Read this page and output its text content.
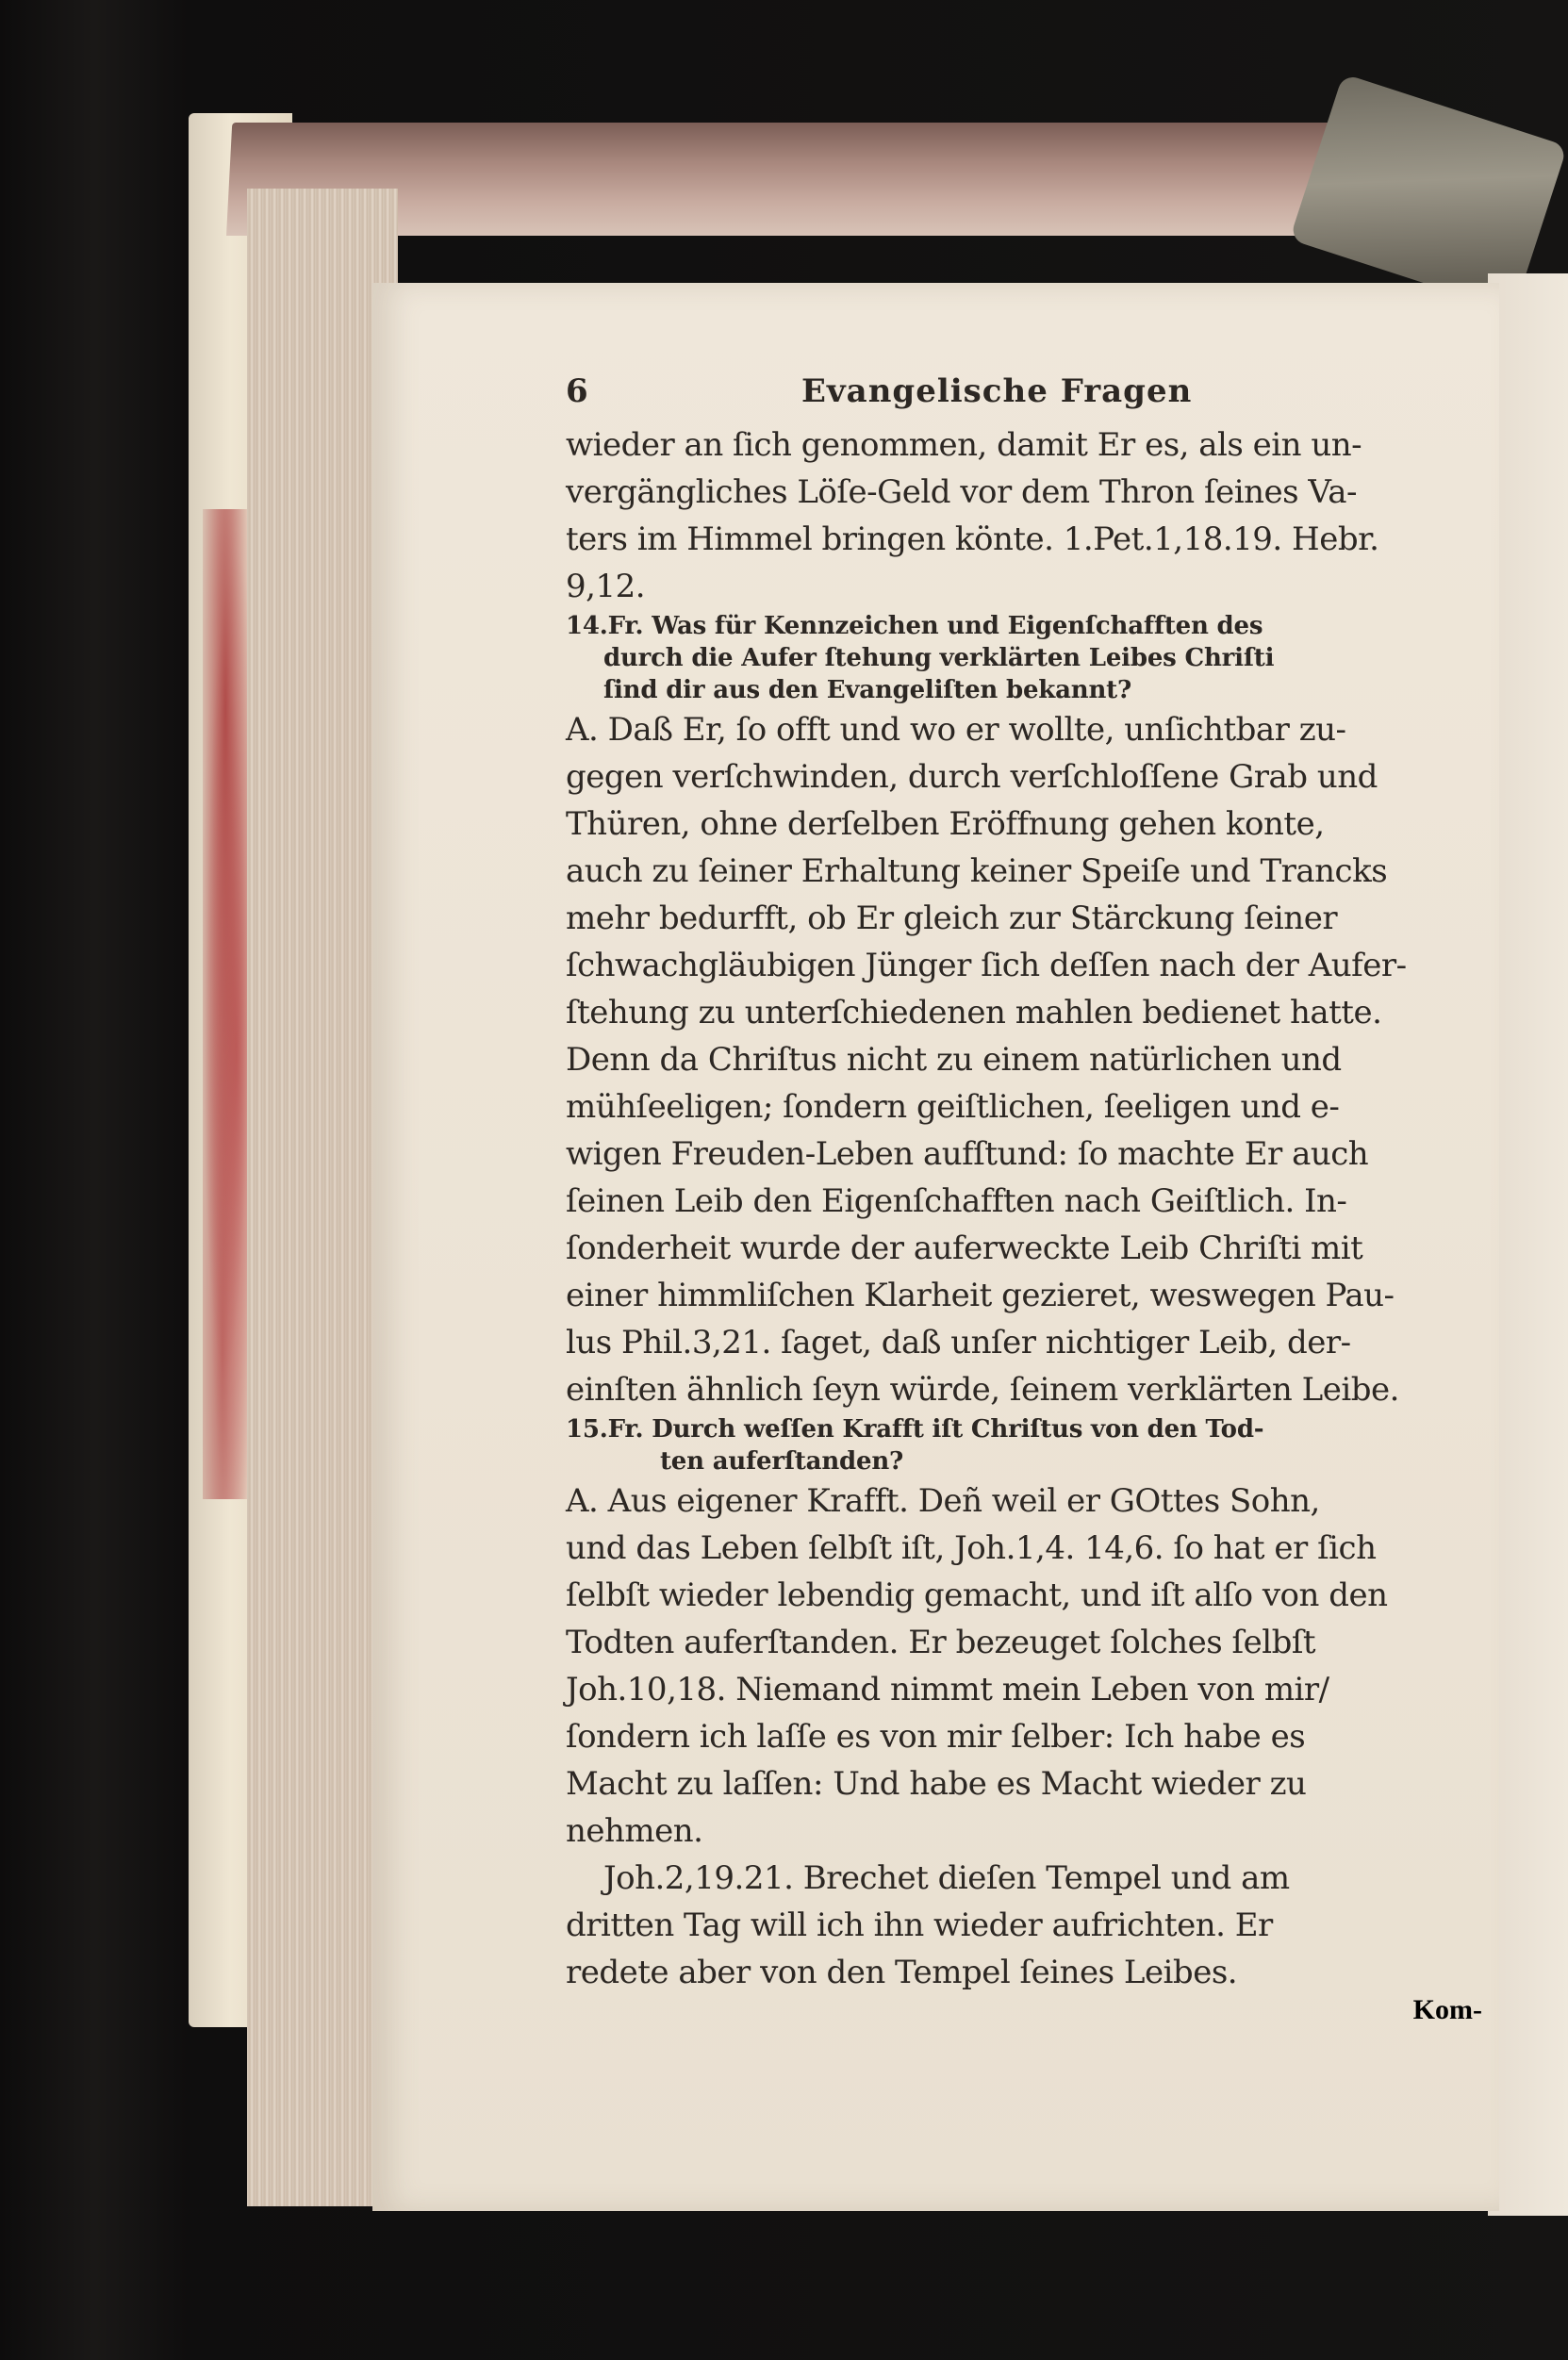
6	Evangelische Fragen
wieder an ſich genommen, damit Er es, als ein un-
vergängliches Löſe-Geld vor dem Thron ſeines Va-
ters im Himmel bringen könte. 1.Pet.1,18.19. Hebr.
9,12.
14.Fr. Was für Kennzeichen und Eigenſchafften des
durch die Aufer ſtehung verklärten Leibes Chriſti
ſind dir aus den Evangeliſten bekannt?
A. Daß Er, ſo offt und wo er wollte, unſichtbar zu-
gegen verſchwinden, durch verſchloſſene Grab und
Thüren, ohne derſelben Eröffnung gehen konte,
auch zu ſeiner Erhaltung keiner Speiſe und Trancks
mehr bedurfft, ob Er gleich zur Stärckung ſeiner
ſchwachgläubigen Jünger ſich deſſen nach der Aufer-
ſtehung zu unterſchiedenen mahlen bedienet hatte.
Denn da Chriſtus nicht zu einem natürlichen und
mühſeeligen; ſondern geiſtlichen, ſeeligen und e-
wigen Freuden-Leben aufſtund: ſo machte Er auch
ſeinen Leib den Eigenſchafften nach Geiſtlich. In-
ſonderheit wurde der auferweckte Leib Chriſti mit
einer himmliſchen Klarheit gezieret, weswegen Pau-
lus Phil.3,21. ſaget, daß unſer nichtiger Leib, der-
einſten ähnlich ſeyn würde, ſeinem verklärten Leibe.
15.Fr. Durch weſſen Krafft iſt Chriſtus von den Tod-
ten auferſtanden?
A. Aus eigener Krafft. Deñ weil er GOttes Sohn,
und das Leben ſelbſt iſt, Joh.1,4. 14,6. ſo hat er ſich
ſelbſt wieder lebendig gemacht, und iſt alſo von den
Todten auferſtanden. Er bezeuget ſolches ſelbſt
Joh.10,18. Niemand nimmt mein Leben von mir/
ſondern ich laſſe es von mir ſelber: Ich habe es
Macht zu laſſen: Und habe es Macht wieder zu
nehmen.
Joh.2,19.21. Brechet dieſen Tempel und am
dritten Tag will ich ihn wieder aufrichten. Er
redete aber von den Tempel ſeines Leibes.
Kom-
